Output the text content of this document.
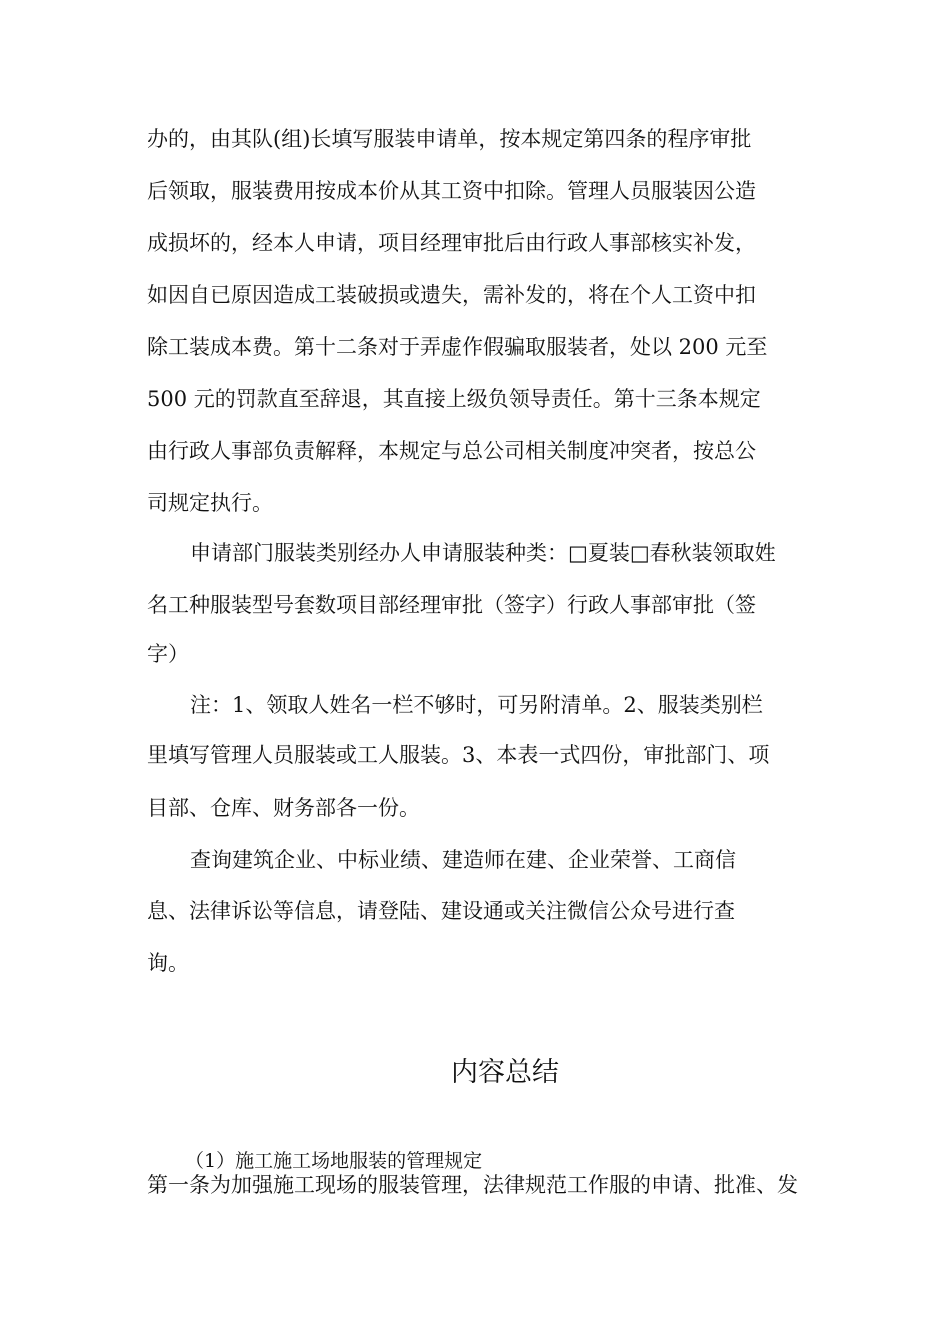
办的，由其队(组)长填写服装申请单，按本规定第四条的程序审批
后领取，服装费用按成本价从其工资中扣除。管理人员服装因公造
成损坏的，经本人申请，项目经理审批后由行政人事部核实补发，
如因自已原因造成工装破损或遗失，需补发的，将在个人工资中扣
除工装成本费。第十二条对于弄虚作假骗取服装者，处以 200 元至
500 元的罚款直至辞退，其直接上级负领导责任。第十三条本规定
由行政人事部负责解释，本规定与总公司相关制度冲突者，按总公
司规定执行。
申请部门服装类别经办人申请服装种类：□夏装□春秋装领取姓
名工种服装型号套数项目部经理审批（签字）行政人事部审批（签
字）
注：1、领取人姓名一栏不够时，可另附清单。2、服装类别栏
里填写管理人员服装或工人服装。3、本表一式四份，审批部门、项
目部、仓库、财务部各一份。
查询建筑企业、中标业绩、建造师在建、企业荣誉、工商信
息、法律诉讼等信息，请登陆、建设通或关注微信公众号进行查
询。
内容总结
（1）施工施工场地服装的管理规定
第一条为加强施工现场的服装管理，法律规范工作服的申请、批准、发
